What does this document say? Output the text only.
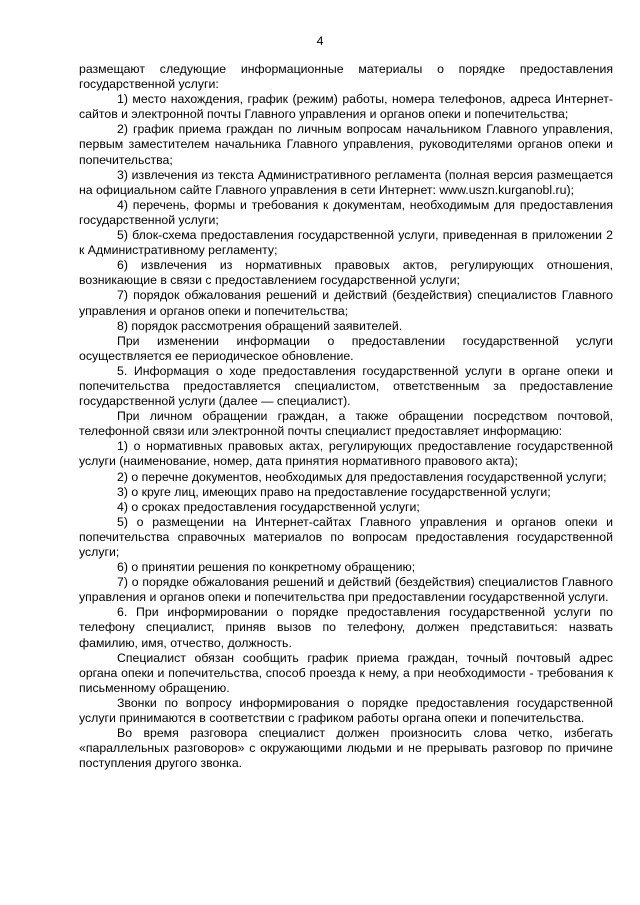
4

размещают следующие информационные материалы о порядке предоставления государственной услуги:

1) место нахождения, график (режим) работы, номера телефонов, адреса Интернет-сайтов и электронной почты Главного управления и органов опеки и попечительства;

2) график приема граждан по личным вопросам начальником Главного управления, первым заместителем начальника Главного управления, руководителями органов опеки и попечительства;

3) извлечения из текста Административного регламента (полная версия размещается на официальном сайте Главного управления в сети Интернет: www.uszn.kurganobl.ru);

4) перечень, формы и требования к документам, необходимым для предоставления государственной услуги;

5) блок-схема предоставления государственной услуги, приведенная в приложении 2 к Административному регламенту;

6) извлечения из нормативных правовых актов, регулирующих отношения, возникающие в связи с предоставлением государственной услуги;

7) порядок обжалования решений и действий (бездействия) специалистов Главного управления и органов опеки и попечительства;

8) порядок рассмотрения обращений заявителей.

При изменении информации о предоставлении государственной услуги осуществляется ее периодическое обновление.

5. Информация о ходе предоставления государственной услуги в органе опеки и попечительства предоставляется специалистом, ответственным за предоставление государственной услуги (далее — специалист).

При личном обращении граждан, а также обращении посредством почтовой, телефонной связи или электронной почты специалист предоставляет информацию:

1) о нормативных правовых актах, регулирующих предоставление государственной услуги (наименование, номер, дата принятия нормативного правового акта);

2) о перечне документов, необходимых для предоставления государственной услуги;

3) о круге лиц, имеющих право на предоставление государственной услуги;

4) о сроках предоставления государственной услуги;

5) о размещении на Интернет-сайтах Главного управления и органов опеки и попечительства справочных материалов по вопросам предоставления государственной услуги;

6) о принятии решения по конкретному обращению;

7) о порядке обжалования решений и действий (бездействия) специалистов Главного управления и органов опеки и попечительства при предоставлении государственной услуги.

6. При информировании о порядке предоставления государственной услуги по телефону специалист, приняв вызов по телефону, должен представиться: назвать фамилию, имя, отчество, должность.

Специалист обязан сообщить график приема граждан, точный почтовый адрес органа опеки и попечительства, способ проезда к нему, а при необходимости - требования к письменному обращению.

Звонки по вопросу информирования о порядке предоставления государственной услуги принимаются в соответствии с графиком работы органа опеки и попечительства.

Во время разговора специалист должен произносить слова четко, избегать «параллельных разговоров» с окружающими людьми и не прерывать разговор по причине поступления другого звонка.
